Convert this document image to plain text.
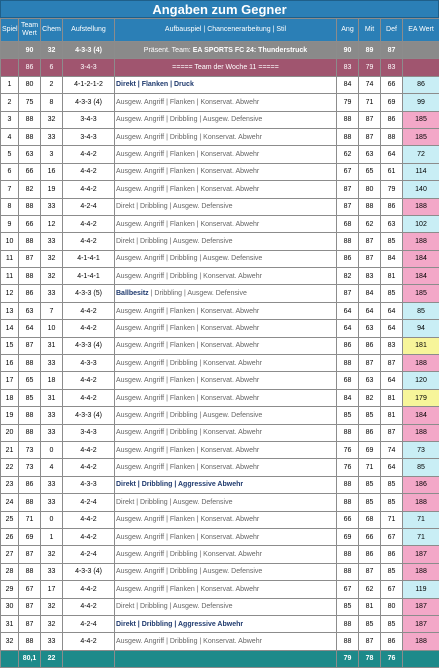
Angaben zum Gegner
Spiel	Team Wert	Chem	Aufstellung	Aufbauspiel | Chancenerarbeitung | Stil	Ang	Mit	Def	EA Wert
	90	32	4-3-3 (4)	Präsent. Team: EA SPORTS FC 24: Thunderstruck	90	89	87	
	86	6	3-4-3	===== Team der Woche 11 =====	83	79	83	
1	80	2	4-1-2-1-2	Direkt | Flanken | Druck	84	74	66	86
2	75	8	4-3-3 (4)	Ausgew. Angriff | Flanken | Konservat. Abwehr	79	71	69	99
3	88	32	3-4-3	Ausgew. Angriff | Dribbling | Ausgew. Defensive	88	87	86	185
4	88	33	3-4-3	Ausgew. Angriff | Dribbling | Konservat. Abwehr	88	87	88	185
5	63	3	4-4-2	Ausgew. Angriff | Flanken | Konservat. Abwehr	62	63	64	72
6	66	16	4-4-2	Ausgew. Angriff | Flanken | Konservat. Abwehr	67	65	61	114
7	82	19	4-4-2	Ausgew. Angriff | Flanken | Konservat. Abwehr	87	80	79	140
8	88	33	4-2-4	Direkt | Dribbling | Ausgew. Defensive	87	88	86	188
9	66	12	4-4-2	Ausgew. Angriff | Flanken | Konservat. Abwehr	68	62	63	102
10	88	33	4-4-2	Direkt | Dribbling | Ausgew. Defensive	88	87	85	188
11	87	32	4-1-4-1	Ausgew. Angriff | Dribbling | Ausgew. Defensive	86	87	84	184
11	88	32	4-1-4-1	Ausgew. Angriff | Dribbling | Konservat. Abwehr	82	83	81	184
12	86	33	4-3-3 (5)	Ballbesitz | Dribbling | Ausgew. Defensive	87	84	85	185
13	63	7	4-4-2	Ausgew. Angriff | Flanken | Konservat. Abwehr	64	64	64	85
14	64	10	4-4-2	Ausgew. Angriff | Flanken | Konservat. Abwehr	64	63	64	94
15	87	31	4-3-3 (4)	Ausgew. Angriff | Flanken | Konservat. Abwehr	86	86	83	181
16	88	33	4-3-3	Ausgew. Angriff | Dribbling | Konservat. Abwehr	88	87	87	188
17	65	18	4-4-2	Ausgew. Angriff | Flanken | Konservat. Abwehr	68	63	64	120
18	85	31	4-4-2	Ausgew. Angriff | Flanken | Konservat. Abwehr	84	82	81	179
19	88	33	4-3-3 (4)	Ausgew. Angriff | Dribbling | Ausgew. Defensive	85	85	81	184
20	88	33	3-4-3	Ausgew. Angriff | Dribbling | Konservat. Abwehr	88	86	87	188
21	73	0	4-4-2	Ausgew. Angriff | Flanken | Konservat. Abwehr	76	69	74	73
22	73	4	4-4-2	Ausgew. Angriff | Flanken | Konservat. Abwehr	76	71	64	85
23	86	33	4-3-3	Direkt | Dribbling | Aggressive Abwehr	88	85	85	186
24	88	33	4-2-4	Direkt | Dribbling | Ausgew. Defensive	88	85	85	188
25	71	0	4-4-2	Ausgew. Angriff | Flanken | Konservat. Abwehr	66	68	71	71
26	69	1	4-4-2	Ausgew. Angriff | Flanken | Konservat. Abwehr	69	66	67	71
27	87	32	4-2-4	Ausgew. Angriff | Dribbling | Konservat. Abwehr	88	86	86	187
28	88	33	4-3-3 (4)	Ausgew. Angriff | Dribbling | Ausgew. Defensive	88	87	85	188
29	67	17	4-4-2	Ausgew. Angriff | Flanken | Konservat. Abwehr	67	62	67	119
30	87	32	4-4-2	Direkt | Dribbling | Ausgew. Defensive	85	81	80	187
31	87	32	4-2-4	Direkt | Dribbling | Aggressive Abwehr	88	85	85	187
32	88	33	4-4-2	Ausgew. Angriff | Dribbling | Konservat. Abwehr	88	87	86	188
	80,1	22			79	78	76	
